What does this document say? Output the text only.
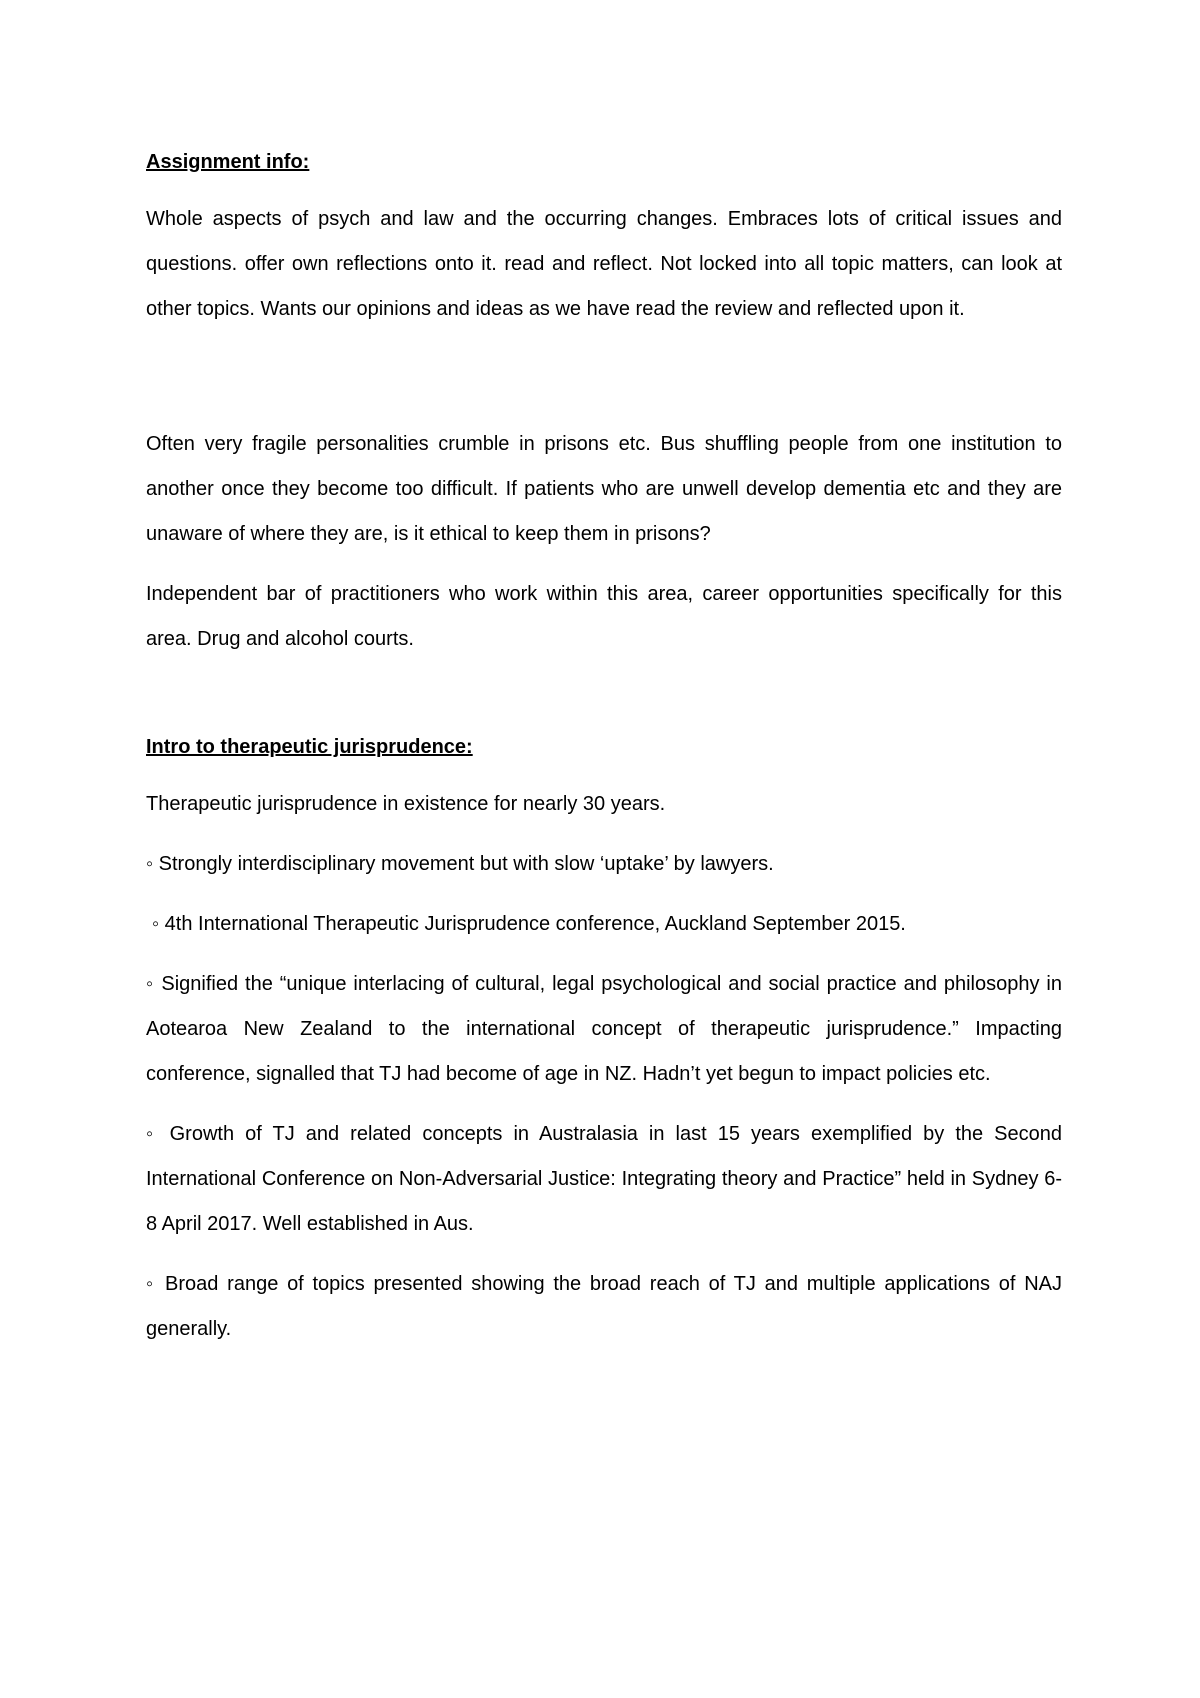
Assignment info:

Whole aspects of psych and law and the occurring changes. Embraces lots of critical issues and questions. offer own reflections onto it. read and reflect. Not locked into all topic matters, can look at other topics. Wants our opinions and ideas as we have read the review and reflected upon it.

Often very fragile personalities crumble in prisons etc. Bus shuffling people from one institution to another once they become too difficult. If patients who are unwell develop dementia etc and they are unaware of where they are, is it ethical to keep them in prisons?

Independent bar of practitioners who work within this area, career opportunities specifically for this area. Drug and alcohol courts.

Intro to therapeutic jurisprudence:

Therapeutic jurisprudence in existence for nearly 30 years.

◦ Strongly interdisciplinary movement but with slow ‘uptake’ by lawyers.

◦ 4th International Therapeutic Jurisprudence conference, Auckland September 2015.

◦ Signified the “unique interlacing of cultural, legal psychological and social practice and philosophy in Aotearoa New Zealand to the international concept of therapeutic jurisprudence.” Impacting conference, signalled that TJ had become of age in NZ. Hadn’t yet begun to impact policies etc.

◦ Growth of TJ and related concepts in Australasia in last 15 years exemplified by the Second International Conference on Non-Adversarial Justice: Integrating theory and Practice” held in Sydney 6-8 April 2017. Well established in Aus.

◦ Broad range of topics presented showing the broad reach of TJ and multiple applications of NAJ generally.
